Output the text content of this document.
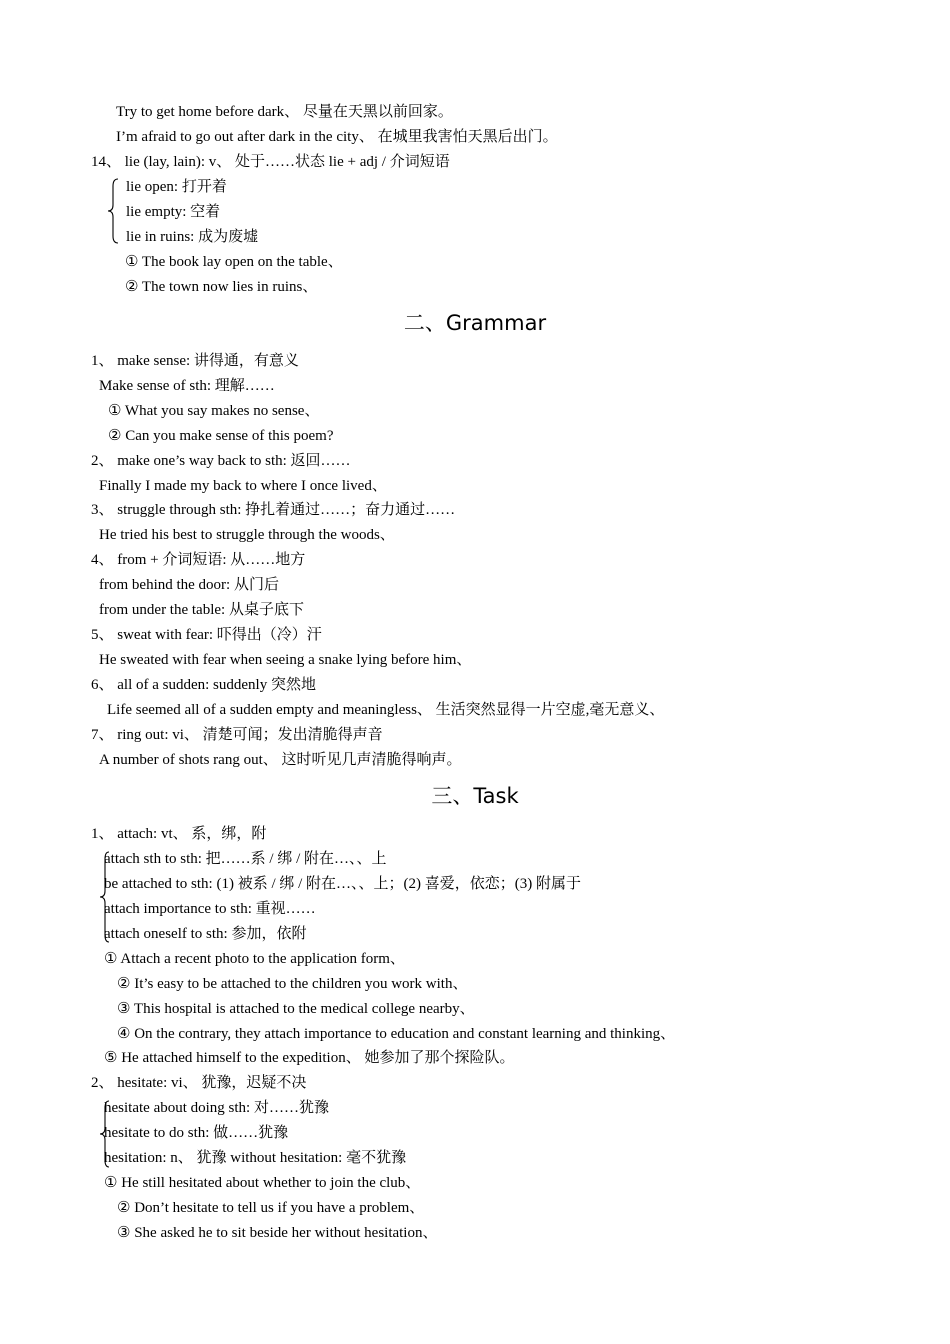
Try to get home before dark、 尽量在天黑以前回家。
I’m afraid to go out after dark in the city、 在城里我害怕天黑后出门。
14、 lie (lay, lain): v、 处于……状态 lie + adj / 介词短语
lie open: 打开着
lie empty: 空着
lie in ruins: 成为废墟
① The book lay open on the table、
② The town now lies in ruins、
二、Grammar
1、 make sense: 讲得通，有意义
Make sense of sth: 理解……
① What you say makes no sense、
② Can you make sense of this poem?
2、 make one’s way back to sth: 返回……
Finally I made my back to where I once lived、
3、 struggle through sth: 挣扎着通过……；奋力通过……
He tried his best to struggle through the woods、
4、 from + 介词短语: 从……地方
from behind the door: 从门后
from under the table: 从桌子底下
5、 sweat with fear: 吓得出（冷）汗
He sweated with fear when seeing a snake lying before him、
6、 all of a sudden: suddenly 突然地
Life seemed all of a sudden empty and meaningless、 生活突然显得一片空虚,毫无意义、
7、 ring out: vi、 清楚可闻；发出清脆得声音
A number of shots rang out、 这时听见几声清脆得响声。
三、Task
1、 attach: vt、 系，绑，附
attach sth to sth: 把……系 / 绑 / 附在…、、上
be attached to sth: (1) 被系 / 绑 / 附在…、、上；(2) 喜爱，依恋；(3) 附属于
attach importance to sth: 重视……
attach oneself to sth: 参加，依附
① Attach a recent photo to the application form、
② It’s easy to be attached to the children you work with、
③ This hospital is attached to the medical college nearby、
④ On the contrary, they attach importance to education and constant learning and thinking、
⑤ He attached himself to the expedition、 她参加了那个探险队。
2、 hesitate: vi、 犹豫，迟疑不决
hesitate about doing sth: 对……犹豫
hesitate to do sth: 做……犹豫
hesitation: n、 犹豫 without hesitation: 毫不犹豫
① He still hesitated about whether to join the club、
② Don’t hesitate to tell us if you have a problem、
③ She asked he to sit beside her without hesitation、
